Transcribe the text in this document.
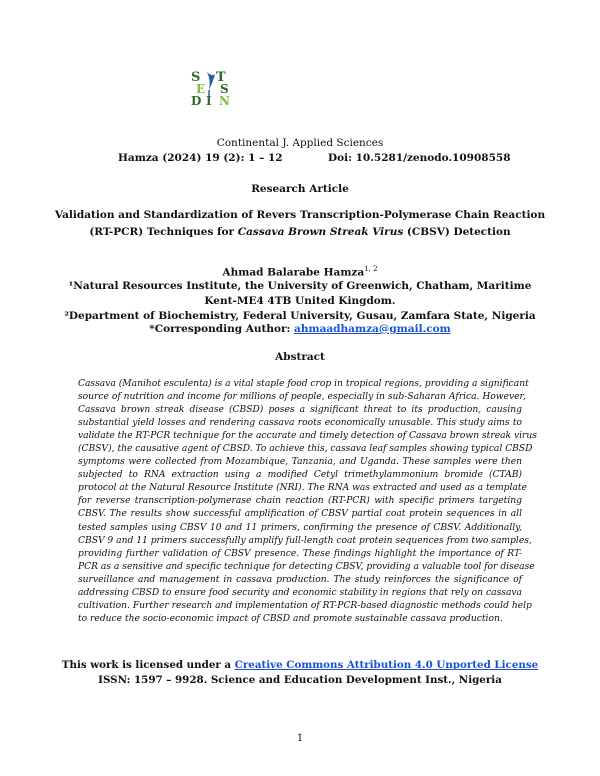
S T
E S
D I N
Continental J. Applied Sciences
Hamza (2024) 19 (2): 1 – 12	Doi: 10.5281/zenodo.10908558
Research Article
Validation and Standardization of Revers Transcription-Polymerase Chain Reaction
(RT-PCR) Techniques for Cassava Brown Streak Virus (CBSV) Detection
Ahmad Balarabe Hamza$^{1, 2}$
¹Natural Resources Institute, the University of Greenwich, Chatham, Maritime
Kent-ME4 4TB United Kingdom.
²Department of Biochemistry, Federal University, Gusau, Zamfara State, Nigeria
*Corresponding Author: ahmaadhamza@gmail.com
Abstract
Cassava (Manihot esculenta) is a vital staple food crop in tropical regions, providing a significant
source of nutrition and income for millions of people, especially in sub-Saharan Africa. However,
Cassava brown streak disease (CBSD) poses a significant threat to its production, causing
substantial yield losses and rendering cassava roots economically unusable. This study aims to
validate the RT-PCR technique for the accurate and timely detection of Cassava brown streak virus
(CBSV), the causative agent of CBSD. To achieve this, cassava leaf samples showing typical CBSD
symptoms were collected from Mozambique, Tanzania, and Uganda. These samples were then
subjected to RNA extraction using a modified Cetyl trimethylammonium bromide (CTAB)
protocol at the Natural Resource Institute (NRI). The RNA was extracted and used as a template
for reverse transcription-polymerase chain reaction (RT-PCR) with specific primers targeting
CBSV. The results show successful amplification of CBSV partial coat protein sequences in all
tested samples using CBSV 10 and 11 primers, confirming the presence of CBSV. Additionally,
CBSV 9 and 11 primers successfully amplify full-length coat protein sequences from two samples,
providing further validation of CBSV presence. These findings highlight the importance of RT-
PCR as a sensitive and specific technique for detecting CBSV, providing a valuable tool for disease
surveillance and management in cassava production. The study reinforces the significance of
addressing CBSD to ensure food security and economic stability in regions that rely on cassava
cultivation. Further research and implementation of RT-PCR-based diagnostic methods could help
to reduce the socio-economic impact of CBSD and promote sustainable cassava production.
This work is licensed under a Creative Commons Attribution 4.0 Unported License
ISSN: 1597 – 9928. Science and Education Development Inst., Nigeria
1
